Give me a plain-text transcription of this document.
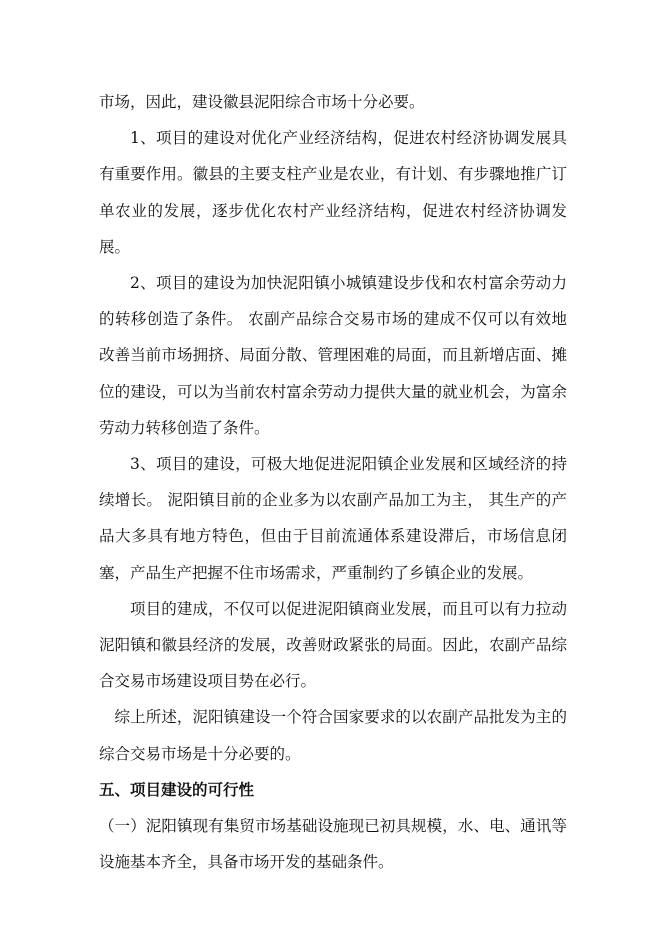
市场，因此，建设徽县泥阳综合市场十分必要。

1、项目的建设对优化产业经济结构，促进农村经济协调发展具有重要作用。徽县的主要支柱产业是农业，有计划、有步骤地推广订单农业的发展，逐步优化农村产业经济结构，促进农村经济协调发展。

2、项目的建设为加快泥阳镇小城镇建设步伐和农村富余劳动力的转移创造了条件。 农副产品综合交易市场的建成不仅可以有效地改善当前市场拥挤、局面分散、管理困难的局面，而且新增店面、摊位的建设，可以为当前农村富余劳动力提供大量的就业机会，为富余劳动力转移创造了条件。

3、项目的建设，可极大地促进泥阳镇企业发展和区域经济的持续增长。 泥阳镇目前的企业多为以农副产品加工为主， 其生产的产品大多具有地方特色，但由于目前流通体系建设滞后，市场信息闭塞，产品生产把握不住市场需求，严重制约了乡镇企业的发展。

项目的建成，不仅可以促进泥阳镇商业发展，而且可以有力拉动泥阳镇和徽县经济的发展，改善财政紧张的局面。因此，农副产品综合交易市场建设项目势在必行。

综上所述，泥阳镇建设一个符合国家要求的以农副产品批发为主的综合交易市场是十分必要的。

五、项目建设的可行性

（一）泥阳镇现有集贸市场基础设施现已初具规模，水、电、通讯等设施基本齐全，具备市场开发的基础条件。
